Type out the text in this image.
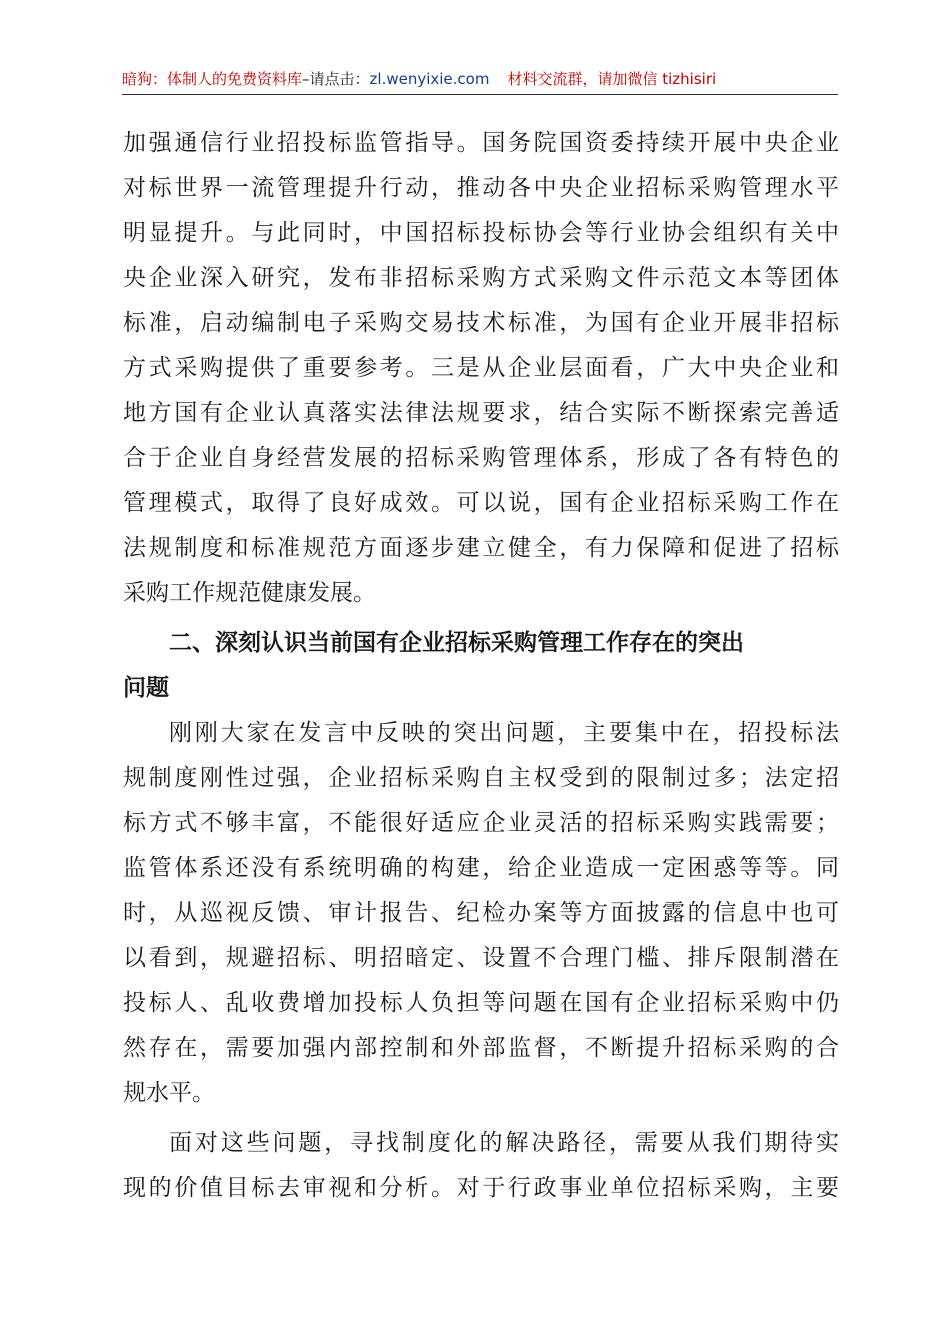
暗狗：体制人的免费资料库–请点击：zl.wenyixie.com 材料交流群，请加微信 tizhisiri
加强通信行业招投标监管指导。国务院国资委持续开展中央企业
对标世界一流管理提升行动，推动各中央企业招标采购管理水平
明显提升。与此同时，中国招标投标协会等行业协会组织有关中
央企业深入研究，发布非招标采购方式采购文件示范文本等团体
标准，启动编制电子采购交易技术标准，为国有企业开展非招标
方式采购提供了重要参考。三是从企业层面看，广大中央企业和
地方国有企业认真落实法律法规要求，结合实际不断探索完善适
合于企业自身经营发展的招标采购管理体系，形成了各有特色的
管理模式，取得了良好成效。可以说，国有企业招标采购工作在
法规制度和标准规范方面逐步建立健全，有力保障和促进了招标
采购工作规范健康发展。
二、深刻认识当前国有企业招标采购管理工作存在的突出
问题
刚刚大家在发言中反映的突出问题，主要集中在，招投标法
规制度刚性过强，企业招标采购自主权受到的限制过多；法定招
标方式不够丰富，不能很好适应企业灵活的招标采购实践需要；
监管体系还没有系统明确的构建，给企业造成一定困惑等等。同
时，从巡视反馈、审计报告、纪检办案等方面披露的信息中也可
以看到，规避招标、明招暗定、设置不合理门槛、排斥限制潜在
投标人、乱收费增加投标人负担等问题在国有企业招标采购中仍
然存在，需要加强内部控制和外部监督，不断提升招标采购的合
规水平。
面对这些问题，寻找制度化的解决路径，需要从我们期待实
现的价值目标去审视和分析。对于行政事业单位招标采购，主要
